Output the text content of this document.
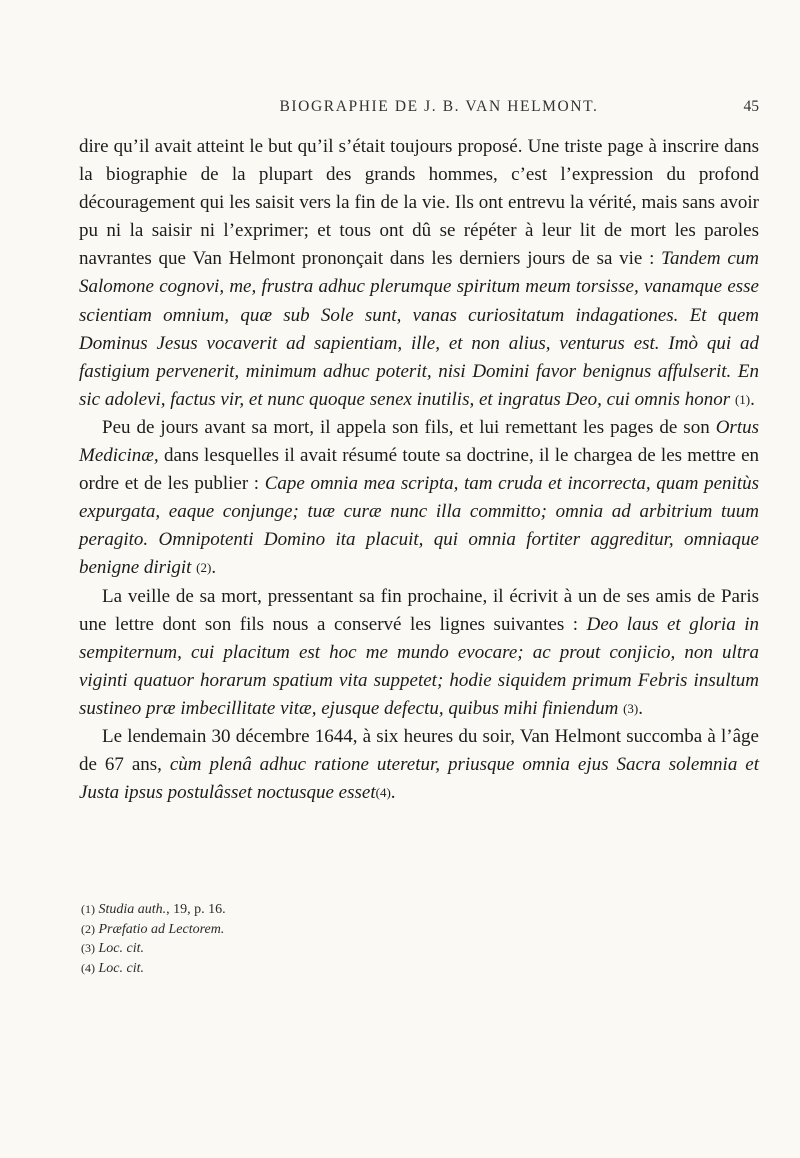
BIOGRAPHIE DE J. B. VAN HELMONT.	45

dire qu’il avait atteint le but qu’il s’était toujours proposé. Une triste page à inscrire dans la biographie de la plupart des grands hommes, c’est l’expression du profond découragement qui les saisit vers la fin de la vie. Ils ont entrevu la vérité, mais sans avoir pu ni la saisir ni l’exprimer; et tous ont dû se répéter à leur lit de mort les paroles navrantes que Van Helmont prononçait dans les derniers jours de sa vie : Tandem cum Salomone cognovi, me, frustra adhuc plerumque spiritum meum torsisse, vanamque esse scientiam omnium, quæ sub Sole sunt, vanas curiositatum indagationes. Et quem Dominus Jesus vocaverit ad sapientiam, ille, et non alius, venturus est. Imò qui ad fastigium pervenerit, minimum adhuc poterit, nisi Domini favor benignus affulserit. En sic adolevi, factus vir, et nunc quoque senex inutilis, et ingratus Deo, cui omnis honor (1).

Peu de jours avant sa mort, il appela son fils, et lui remettant les pages de son Ortus Medicinæ, dans lesquelles il avait résumé toute sa doctrine, il le chargea de les mettre en ordre et de les publier : Cape omnia mea scripta, tam cruda et incorrecta, quam penitùs expurgata, eaque conjunge; tuæ curæ nunc illa committo; omnia ad arbitrium tuum peragito. Omnipotenti Domino ita placuit, qui omnia fortiter aggreditur, omniaque benigne dirigit (2).

La veille de sa mort, pressentant sa fin prochaine, il écrivit à un de ses amis de Paris une lettre dont son fils nous a conservé les lignes suivantes : Deo laus et gloria in sempiternum, cui placitum est hoc me mundo evocare; ac prout conjicio, non ultra viginti quatuor horarum spatium vita suppetet; hodie siquidem primum Febris insultum sustineo præ imbecillitate vitæ, ejusque defectu, quibus mihi finiendum (3).

Le lendemain 30 décembre 1644, à six heures du soir, Van Helmont succomba à l’âge de 67 ans, cùm plenâ adhuc ratione uteretur, priusque omnia ejus Sacra solemnia et Justa ipsus postulâsset noctusque esset(4).

(1) Studia auth., 19, p. 16.

(2) Præfatio ad Lectorem.

(3) Loc. cit.

(4) Loc. cit.
